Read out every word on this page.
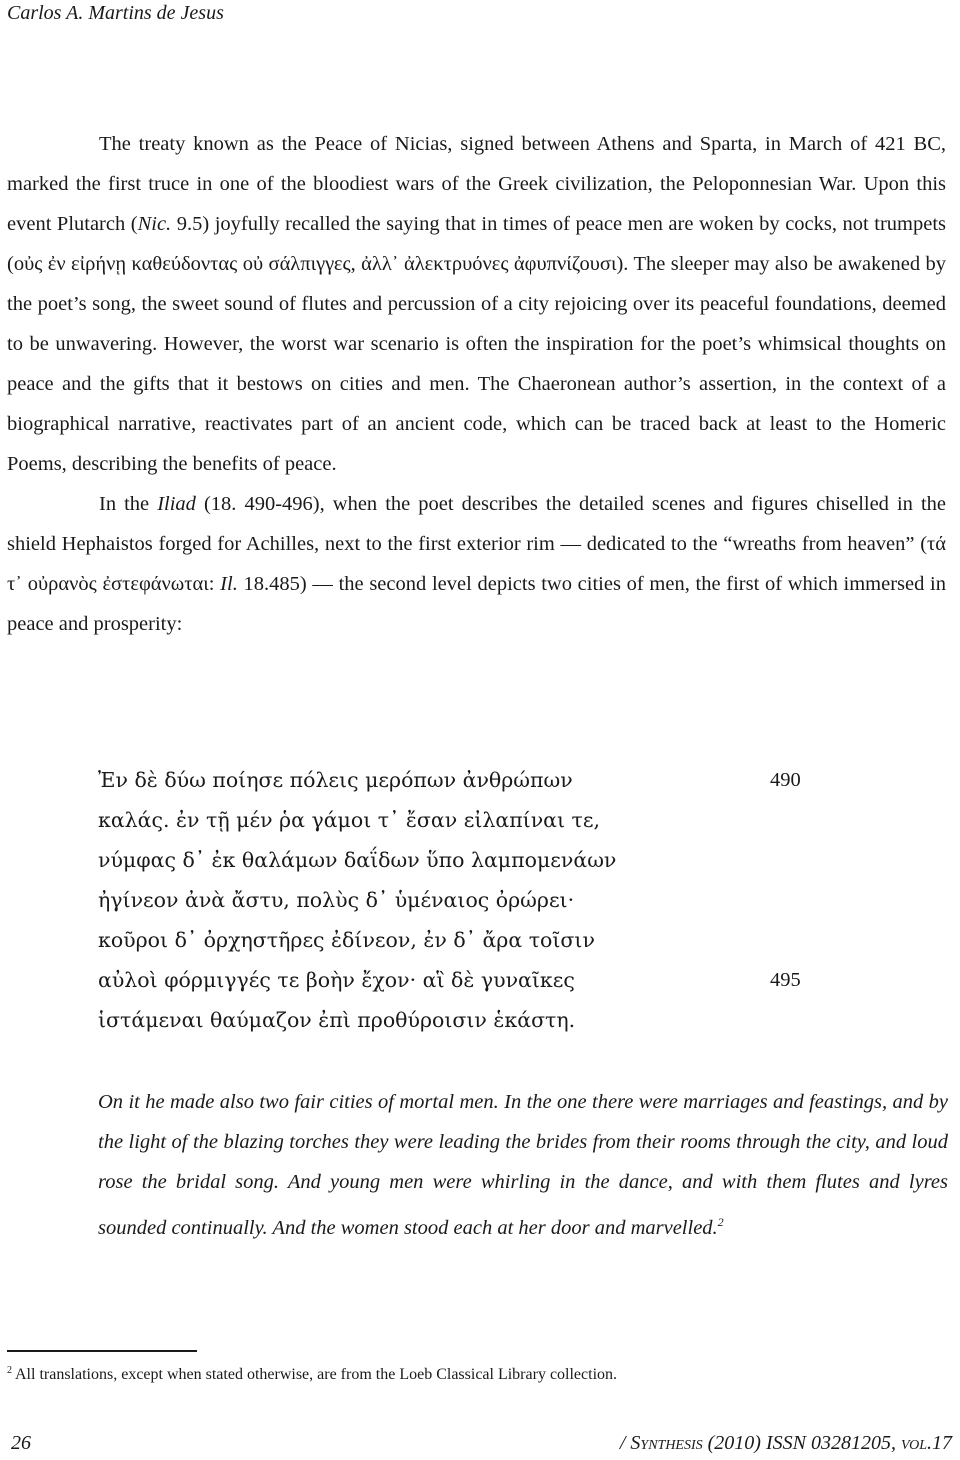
Carlos A. Martins de Jesus

The treaty known as the Peace of Nicias, signed between Athens and Sparta, in March of 421 BC, marked the first truce in one of the bloodiest wars of the Greek civilization, the Peloponnesian War. Upon this event Plutarch (Nic. 9.5) joyfully recalled the saying that in times of peace men are woken by cocks, not trumpets (οὐς ἐν εἰρήνῃ καθεύδοντας οὐ σάλπιγγες, ἀλλ᾽ ἀλεκτρυόνες ἀφυπνίζουσι). The sleeper may also be awakened by the poet’s song, the sweet sound of flutes and percussion of a city rejoicing over its peaceful foundations, deemed to be unwavering. However, the worst war scenario is often the inspiration for the poet’s whimsical thoughts on peace and the gifts that it bestows on cities and men. The Chaeronean author’s assertion, in the context of a biographical narrative, reactivates part of an ancient code, which can be traced back at least to the Homeric Poems, describing the benefits of peace.

In the Iliad (18. 490-496), when the poet describes the detailed scenes and figures chiselled in the shield Hephaistos forged for Achilles, next to the first exterior rim — dedicated to the “wreaths from heaven” (τά τ᾽ οὐρανὸς ἐστεφάνωται: Il. 18.485) — the second level depicts two cities of men, the first of which immersed in peace and prosperity:

Ἐν δὲ δύω ποίησε πόλεις μερόπων ἀνθρώπων	490
καλάς. ἐν τῇ μέν ῥα γάμοι τ᾽ ἔσαν εἰλαπίναι τε,
νύμφας δ᾽ ἐκ θαλάμων δαΐδων ὕπο λαμπομενάων
ἠγίνεον ἀνὰ ἄστυ, πολὺς δ᾽ ὑμέναιος ὀρώρει·
κοῦροι δ᾽ ὀρχηστῆρες ἐδίνεον, ἐν δ᾽ ἄρα τοῖσιν
αὐλοὶ φόρμιγγές τε βοὴν ἔχον· αἳ δὲ γυναῖκες	495
ἱστάμεναι θαύμαζον ἐπὶ προθύροισιν ἑκάστη.
On it he made also two fair cities of mortal men. In the one there were marriages and feastings, and by the light of the blazing torches they were leading the brides from their rooms through the city, and loud rose the bridal song. And young men were whirling in the dance, and with them flutes and lyres sounded continually. And the women stood each at her door and marvelled.$^2$
$^2$ All translations, except when stated otherwise, are from the Loeb Classical Library collection.
26	/ Synthesis (2010) ISSN 03281205, vol.17
